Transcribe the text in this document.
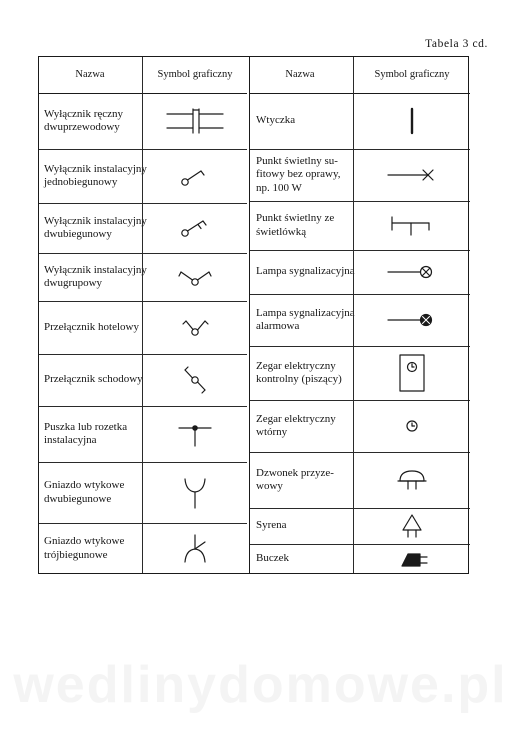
Tabela 3 cd.
Nazwa	Symbol graficzny
Wyłącznik ręczny dwuprzewodowy
Wyłącznik instalacyjny jednobiegunowy
Wyłącznik instalacyjny dwubiegunowy
Wyłącznik instalacyjny dwugrupowy
Przełącznik hotelowy
Przełącznik schodowy
Puszka lub rozetka instalacyjna
Gniazdo wtykowe dwubiegunowe
Gniazdo wtykowe trójbiegunowe
Nazwa	Symbol graficzny
Wtyczka
Punkt świetlny sufitowy bez oprawy, np. 100 W
Punkt świetlny ze świetlówką
Lampa sygnalizacyjna
Lampa sygnalizacyjna alarmowa
Zegar elektryczny kontrolny (piszący)
Zegar elektryczny wtórny
Dzwonek przyzewowy
Syrena
Buczek
wedlinydomowe.pl
